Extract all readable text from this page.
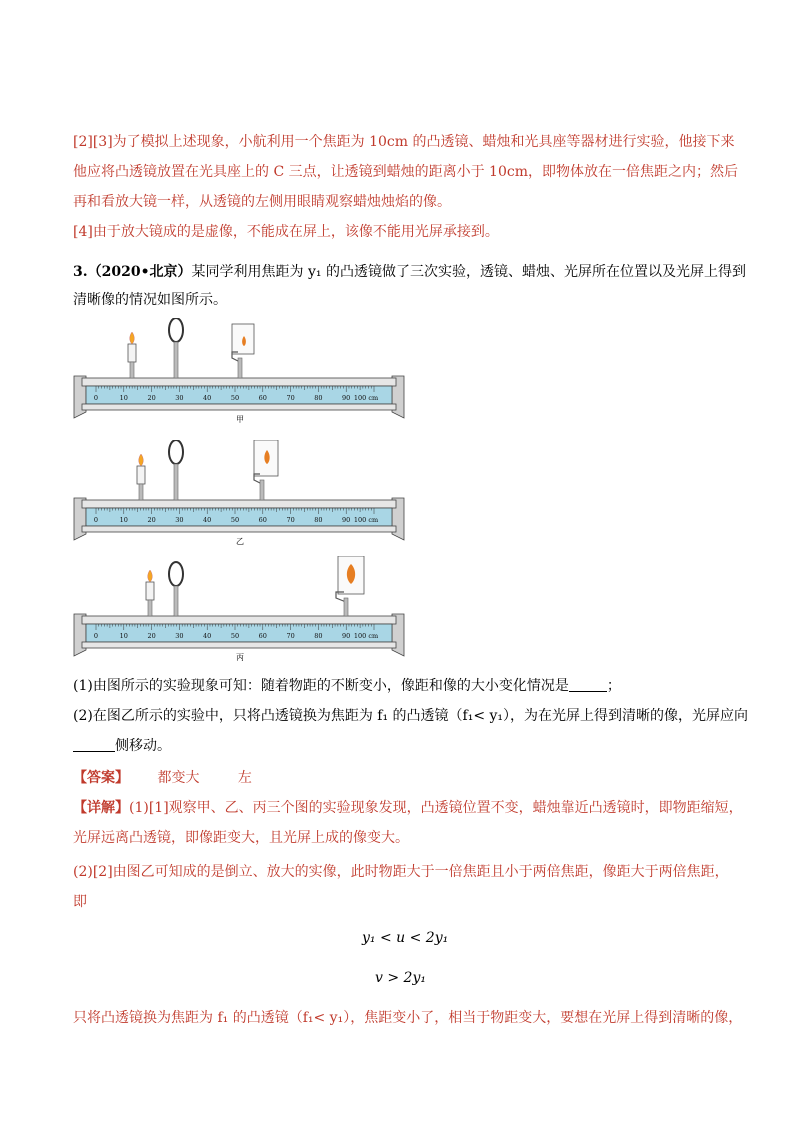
[2][3]为了模拟上述现象，小航利用一个焦距为 10cm 的凸透镜、蜡烛和光具座等器材进行实验，他接下来
他应将凸透镜放置在光具座上的 C 三点，让透镜到蜡烛的距离小于 10cm，即物体放在一倍焦距之内；然后
再和看放大镜一样，从透镜的左侧用眼睛观察蜡烛烛焰的像。
[4]由于放大镜成的是虚像，不能成在屏上，该像不能用光屏承接到。
3.（2020•北京）某同学利用焦距为 y₁ 的凸透镜做了三次实验，透镜、蜡烛、光屏所在位置以及光屏上得到
清晰像的情况如图所示。
0	10	20	30	40	50	60	70	80	90 100 cm
甲
0	10	20	30	40	50	60	70	80	90 100 cm
乙
0	10	20	30	40	50	60	70	80	90 100 cm
丙
(1)由图所示的实验现象可知：随着物距的不断变小，像距和像的大小变化情况是	；
(2)在图乙所示的实验中，只将凸透镜换为焦距为 f₁ 的凸透镜（f₁< y₁），为在光屏上得到清晰的像，光屏应向
侧移动。
【答案】 都变大	左
【详解】(1)[1]观察甲、乙、丙三个图的实验现象发现，凸透镜位置不变，蜡烛靠近凸透镜时，即物距缩短，
光屏远离凸透镜，即像距变大，且光屏上成的像变大。
(2)[2]由图乙可知成的是倒立、放大的实像，此时物距大于一倍焦距且小于两倍焦距，像距大于两倍焦距，
即
y₁ < u < 2y₁
v > 2y₁
只将凸透镜换为焦距为 f₁ 的凸透镜（f₁< y₁），焦距变小了，相当于物距变大，要想在光屏上得到清晰的像，
